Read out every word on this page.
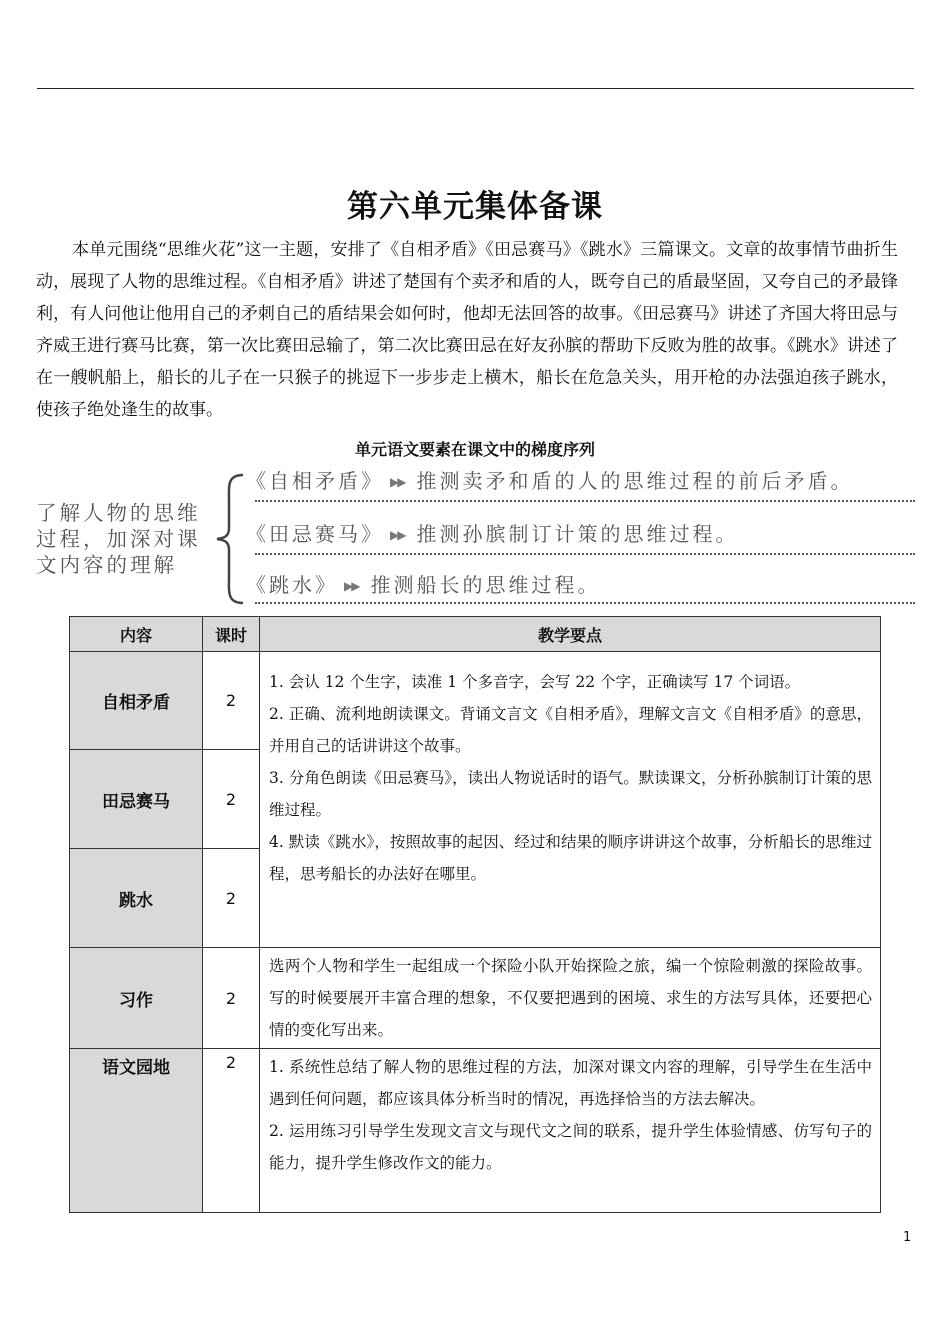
第六单元集体备课

本单元围绕“思维火花”这一主题，安排了《自相矛盾》《田忌赛马》《跳水》三篇课文。文章的故事情节曲折生动，展现了人物的思维过程。《自相矛盾》讲述了楚国有个卖矛和盾的人，既夸自己的盾最坚固，又夸自己的矛最锋利，有人问他让他用自己的矛刺自己的盾结果会如何时，他却无法回答的故事。《田忌赛马》讲述了齐国大将田忌与齐威王进行赛马比赛，第一次比赛田忌输了，第二次比赛田忌在好友孙膑的帮助下反败为胜的故事。《跳水》讲述了在一艘帆船上，船长的儿子在一只猴子的挑逗下一步步走上横木，船长在危急关头，用开枪的办法强迫孩子跳水，使孩子绝处逢生的故事。

单元语文要素在课文中的梯度序列
了解人物的思维过程，加深对课文内容的理解
《自相矛盾》 ▶▶ 推测卖矛和盾的人的思维过程的前后矛盾。
《田忌赛马》 ▶▶ 推测孙膑制订计策的思维过程。
《跳水》 ▶▶ 推测船长的思维过程。
内容	课时	教学要点
自相矛盾	2	1. 会认 12 个生字，读准 1 个多音字，会写 22 个字，正确读写 17 个词语。
2. 正确、流利地朗读课文。背诵文言文《自相矛盾》，理解文言文《自相矛盾》的意思，并用自己的话讲讲这个故事。
3. 分角色朗读《田忌赛马》，读出人物说话时的语气。默读课文，分析孙膑制订计策的思维过程。
4. 默读《跳水》，按照故事的起因、经过和结果的顺序讲讲这个故事，分析船长的思维过程，思考船长的办法好在哪里。

田忌赛马	2	
跳水	2	
习作	2	选两个人物和学生一起组成一个探险小队开始探险之旅，编一个惊险刺激的探险故事。写的时候要展开丰富合理的想象，不仅要把遇到的困境、求生的方法写具体，还要把心情的变化写出来。

语文园地	2	1. 系统性总结了解人物的思维过程的方法，加深对课文内容的理解，引导学生在生活中遇到任何问题，都应该具体分析当时的情况，再选择恰当的方法去解决。
2. 运用练习引导学生发现文言文与现代文之间的联系，提升学生体验情感、仿写句子的能力，提升学生修改作文的能力。
1
